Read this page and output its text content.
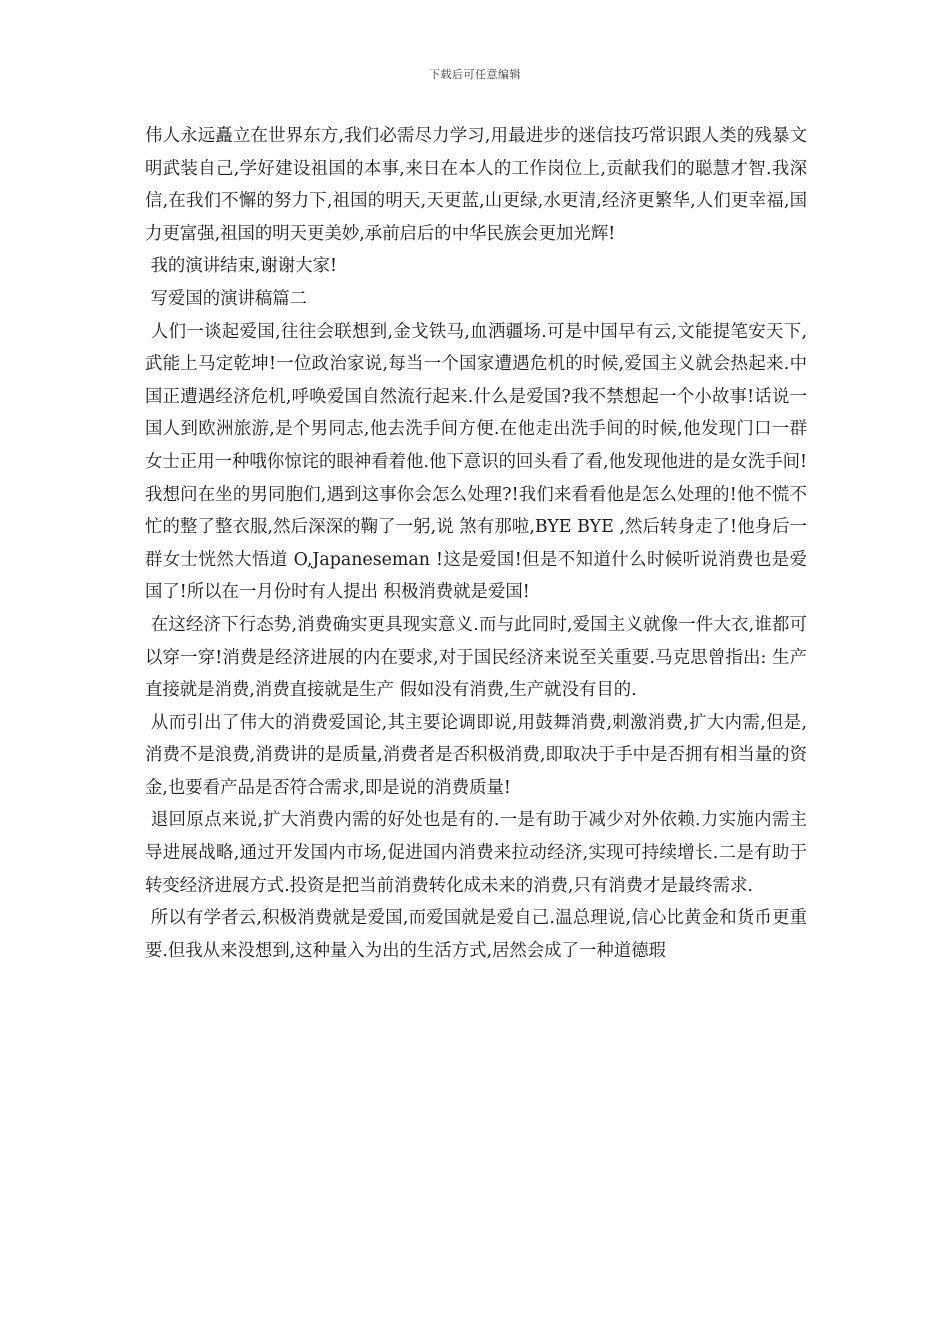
下载后可任意编辑

伟人永远矗立在世界东方,我们必需尽力学习,用最进步的迷信技巧常识跟人类的残暴文明武装自己,学好建设祖国的本事,来日在本人的工作岗位上,贡献我们的聪慧才智.我深信,在我们不懈的努力下,祖国的明天,天更蓝,山更绿,水更清,经济更繁华,人们更幸福,国力更富强,祖国的明天更美妙,承前启后的中华民族会更加光辉!

我的演讲结束,谢谢大家!

写爱国的演讲稿篇二

人们一谈起爱国,往往会联想到,金戈铁马,血洒疆场.可是中国早有云,文能提笔安天下,武能上马定乾坤!一位政治家说,每当一个国家遭遇危机的时候,爱国主义就会热起来.中国正遭遇经济危机,呼唤爱国自然流行起来.什么是爱国?我不禁想起一个小故事!话说一国人到欧洲旅游,是个男同志,他去洗手间方便.在他走出洗手间的时候,他发现门口一群女士正用一种哦你惊诧的眼神看着他.他下意识的回头看了看,他发现他进的是女洗手间!我想问在坐的男同胞们,遇到这事你会怎么处理?!我们来看看他是怎么处理的!他不慌不忙的整了整衣服,然后深深的鞠了一躬,说 煞有那啦,BYE BYE ,然后转身走了!他身后一群女士恍然大悟道 O,Japaneseman !这是爱国!但是不知道什么时候听说消费也是爱国了!所以在一月份时有人提出 积极消费就是爱国!

在这经济下行态势,消费确实更具现实意义.而与此同时,爱国主义就像一件大衣,谁都可以穿一穿!消费是经济进展的内在要求,对于国民经济来说至关重要.马克思曾指出: 生产直接就是消费,消费直接就是生产 假如没有消费,生产就没有目的.

从而引出了伟大的消费爱国论,其主要论调即说,用鼓舞消费,刺激消费,扩大内需,但是,消费不是浪费,消费讲的是质量,消费者是否积极消费,即取决于手中是否拥有相当量的资金,也要看产品是否符合需求,即是说的消费质量!

退回原点来说,扩大消费内需的好处也是有的.一是有助于减少对外依赖.力实施内需主导进展战略,通过开发国内市场,促进国内消费来拉动经济,实现可持续增长.二是有助于转变经济进展方式.投资是把当前消费转化成未来的消费,只有消费才是最终需求.

所以有学者云,积极消费就是爱国,而爱国就是爱自己.温总理说,信心比黄金和货币更重要.但我从来没想到,这种量入为出的生活方式,居然会成了一种道德瑕
